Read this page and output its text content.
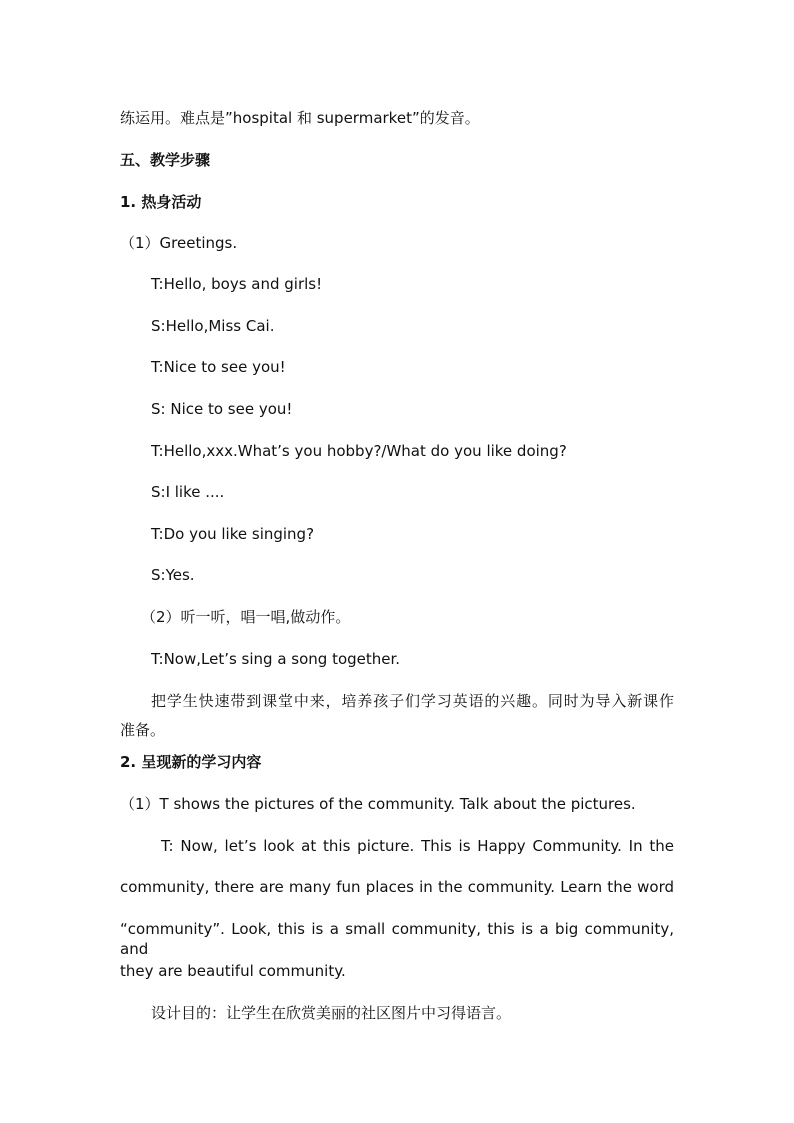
练运用。难点是”hospital 和 supermarket”的发音。
五、教学步骤
1. 热身活动
（1）Greetings.
T:Hello, boys and girls!
S:Hello,Miss Cai.
T:Nice to see you!
S: Nice to see you!
T:Hello,xxx.What’s you hobby?/What do you like doing?
S:I like ....
T:Do you like singing?
S:Yes.
（2）听一听，唱一唱,做动作。
T:Now,Let’s sing a song together.
把学生快速带到课堂中来，培养孩子们学习英语的兴趣。同时为导入新课作
准备。
2. 呈现新的学习内容
（1）T shows the pictures of the community. Talk about the pictures.
T: Now, let’s look at this picture. This is Happy Community. In the
community, there are many fun places in the community. Learn the word
“community”. Look, this is a small community, this is a big community, and
they are beautiful community.
设计目的：让学生在欣赏美丽的社区图片中习得语言。
